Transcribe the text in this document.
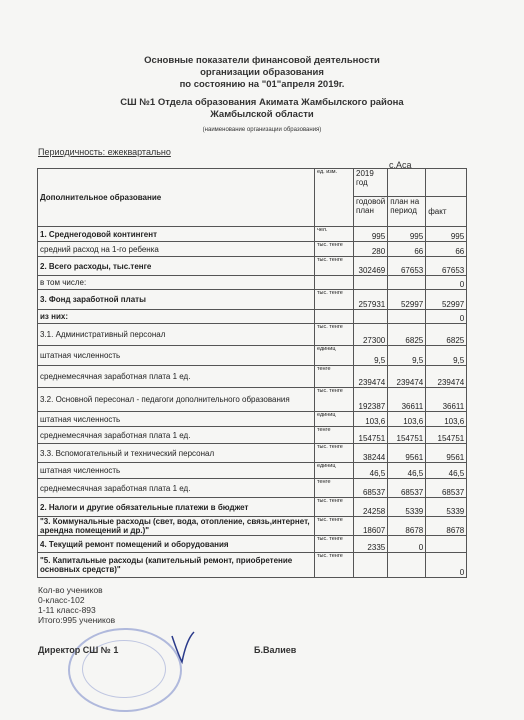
Основные показатели финансовой деятельности
организации образования
по состоянию на "01"апреля 2019г.
СШ №1 Отдела образования Акимата Жамбылского района
Жамбылской области
(наименование организации образования)
Периодичность: ежеквартально
с.Аса
Дополнительное образование	ед. изм.	2019 год		
		годовой план	план на период	факт
1. Среднегодовой контингент	чел.	995	995	995
средний расход на 1-го ребенка	тыс. тенге	280	66	66
2. Всего расходы, тыс.тенге	тыс. тенге	302469	67653	67653
в том числе:				0
3. Фонд заработной платы	тыс. тенге	257931	52997	52997
из них:				0
3.1. Административный персонал	тыс. тенге	27300	6825	6825
штатная численность	единиц	9,5	9,5	9,5
среднемесячная заработная плата 1 ед.	тенге	239474	239474	239474
3.2. Основной пересонал - педагоги дополнительного образования	тыс. тенге	192387	36611	36611
штатная численность	единиц	103,6	103,6	103,6
среднемесячная заработная плата 1 ед.	тенге	154751	154751	154751
3.3. Вспомогательный и технический персонал	тыс. тенге	38244	9561	9561
штатная численность	единиц	46,5	46,5	46,5
среднемесячная заработная плата 1 ед.	тенге	68537	68537	68537
2. Налоги и другие обязательные платежи в бюджет	тыс. тенге	24258	5339	5339
"3. Коммунальные расходы (свет, вода, отопление, связь,интернет, арендна помещений и др.)"	тыс. тенге	18607	8678	8678
4. Текущий ремонт помещений и оборудования	тыс. тенге	2335	0	
"5. Капитальные расходы (капительный ремонт, приобретение основных средств)"	тыс. тенге			0
Кол-во учеников
0-класс-102
1-11 класс-893
Итого:995 учеников
Директор СШ № 1	Б.Валиев
